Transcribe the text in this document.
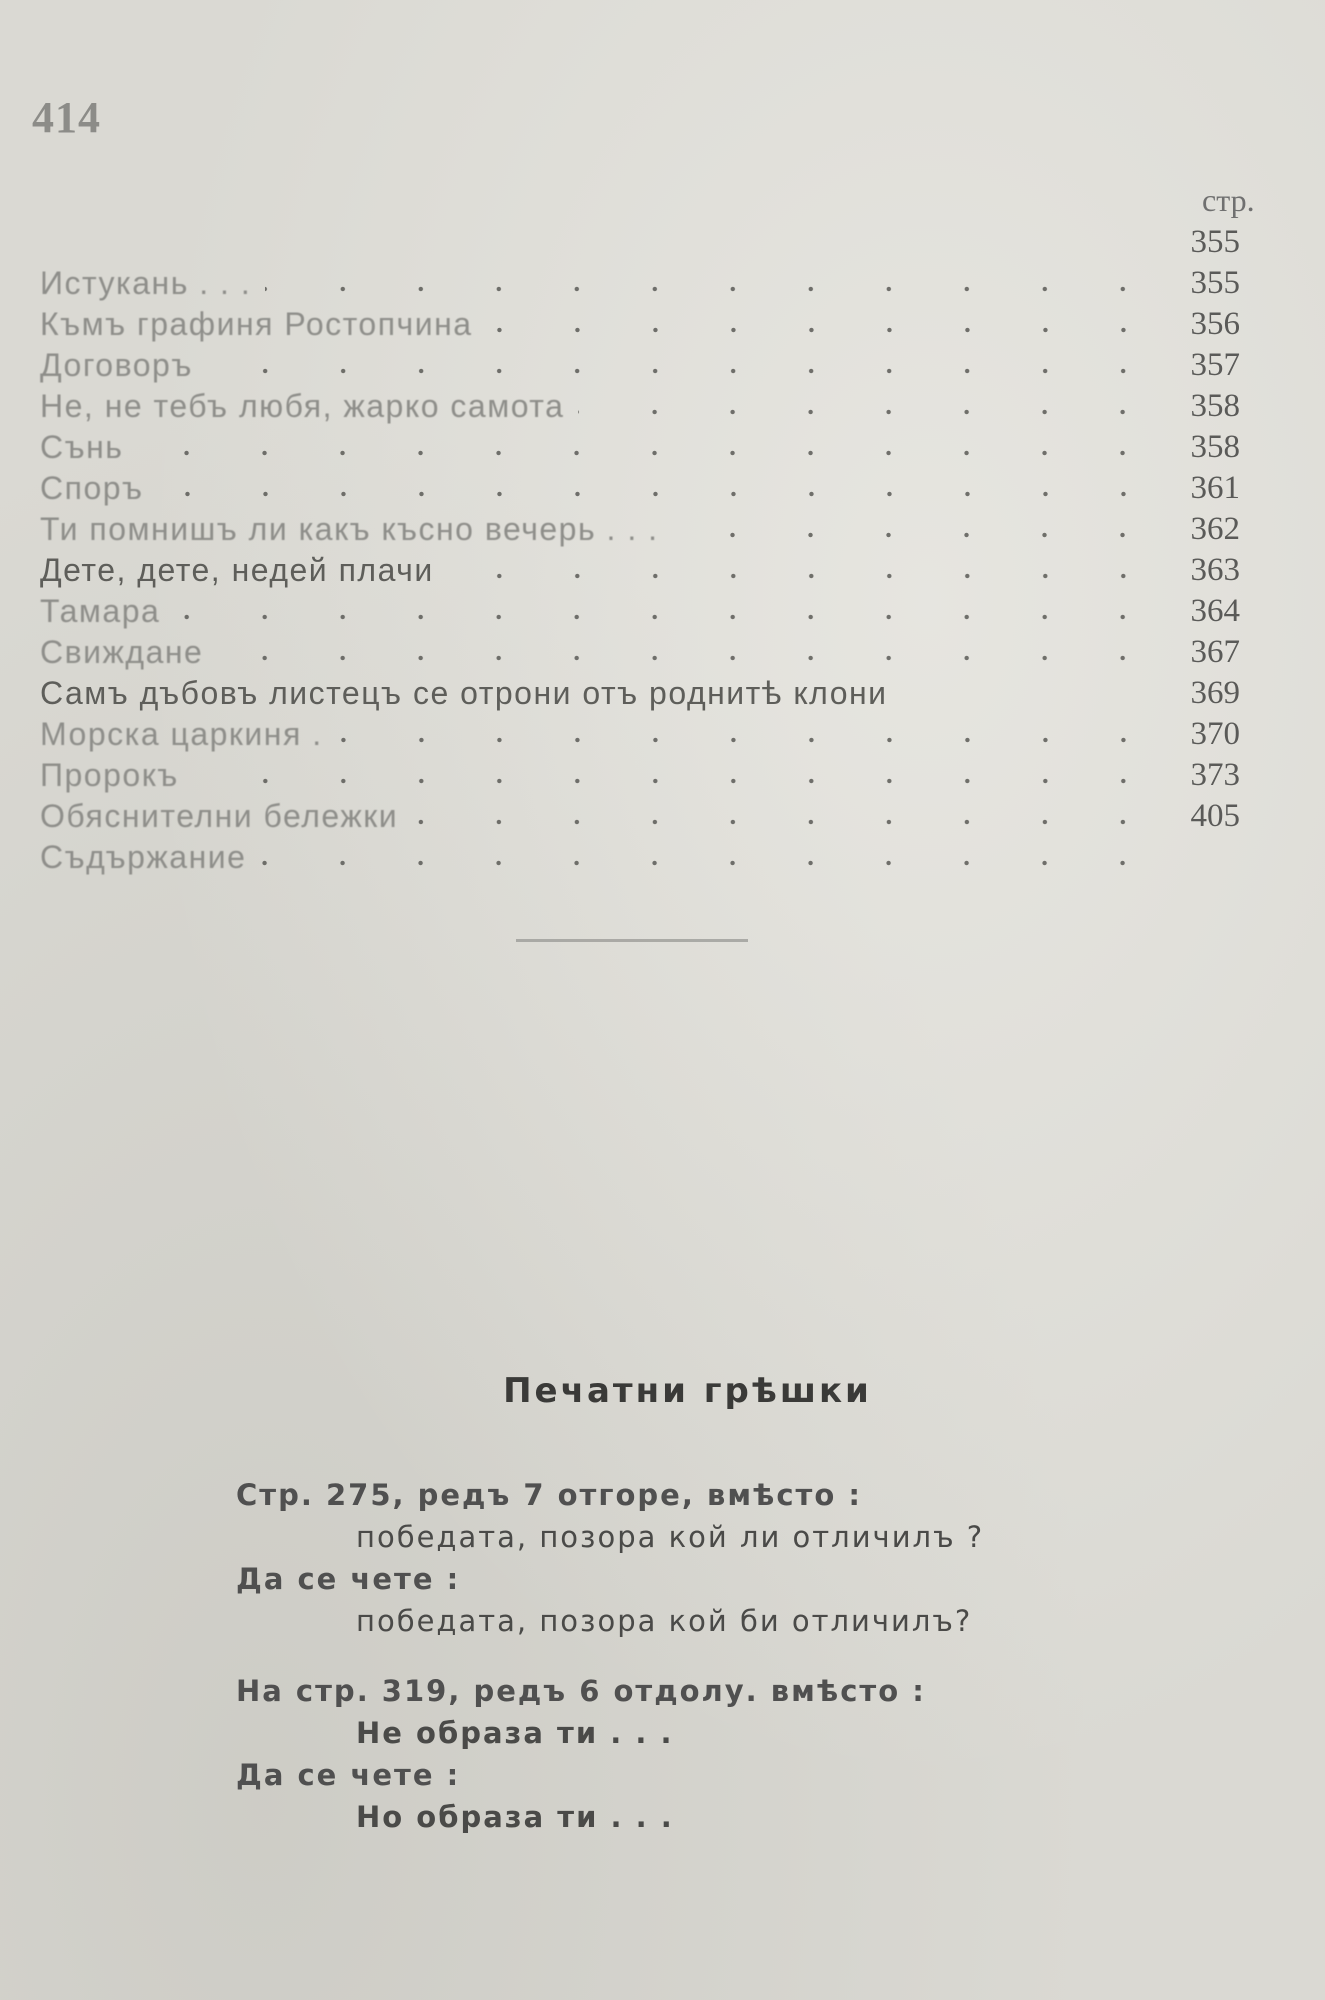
414
стр.
355
Истукань . . .	355
Къмъ графиня Ростопчина	356
Договоръ	357
Не, не тебъ любя, жарко самота	358
Сънь	358
Споръ	361
Ти помнишъ ли какъ късно вечерь . . .	362
Дете, дете, недей плачи	363
Тамара	364
Свиждане	367
Самъ дъбовъ листецъ се отрони отъ роднитѣ клони	369
Морска царкиня .	370
Пророкъ	373
Обяснителни бележки	405
Съдържание
Печатни грѣшки
Стр. 275, редъ 7 отгоре, вмѣсто :
победата, позора кой ли отличилъ ?
Да се чете :
победата, позора кой би отличилъ?
На стр. 319, редъ 6 отдолу. вмѣсто :
Не образа ти . . .
Да се чете :
Но образа ти . . .
